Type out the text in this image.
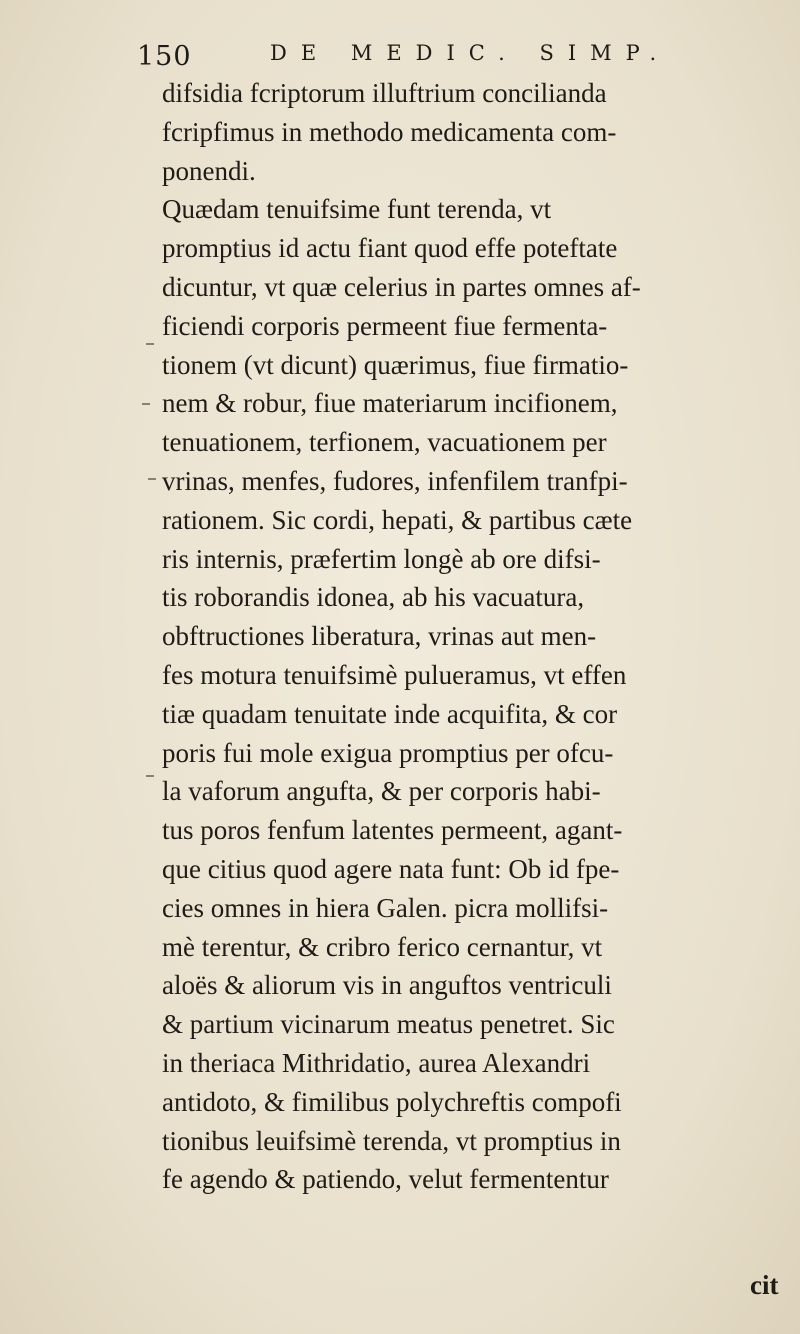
150	DE MEDIC. SIMP.
difsidia fcriptorum illuftrium concilianda
fcripfimus in methodo medicamenta com-
ponendi.
Quædam tenuifsime funt terenda, vt
promptius id actu fiant quod effe poteftate
dicuntur, vt quæ celerius in partes omnes af-
ficiendi corporis permeent fiue fermenta-
tionem (vt dicunt) quærimus, fiue firmatio-
nem & robur, fiue materiarum incifionem,
tenuationem, terfionem, vacuationem per
vrinas, menfes, fudores, infenfilem tranfpi-
rationem. Sic cordi, hepati, & partibus cæte
ris internis, præfertim longè ab ore difsi-
tis roborandis idonea, ab his vacuatura,
obftructiones liberatura, vrinas aut men-
fes motura tenuifsimè pulueramus, vt effen
tiæ quadam tenuitate inde acquifita, & cor
poris fui mole exigua promptius per ofcu-
la vaforum angufta, & per corporis habi-
tus poros fenfum latentes permeent, agant-
que citius quod agere nata funt: Ob id fpe-
cies omnes in hiera Galen. picra mollifsi-
mè terentur, & cribro ferico cernantur, vt
aloës & aliorum vis in anguftos ventriculi
& partium vicinarum meatus penetret. Sic
in theriaca Mithridatio, aurea Alexandri
antidoto, & fimilibus polychreftis compofi
tionibus leuifsimè terenda, vt promptius in
fe agendo & patiendo, velut fermententur
cit
